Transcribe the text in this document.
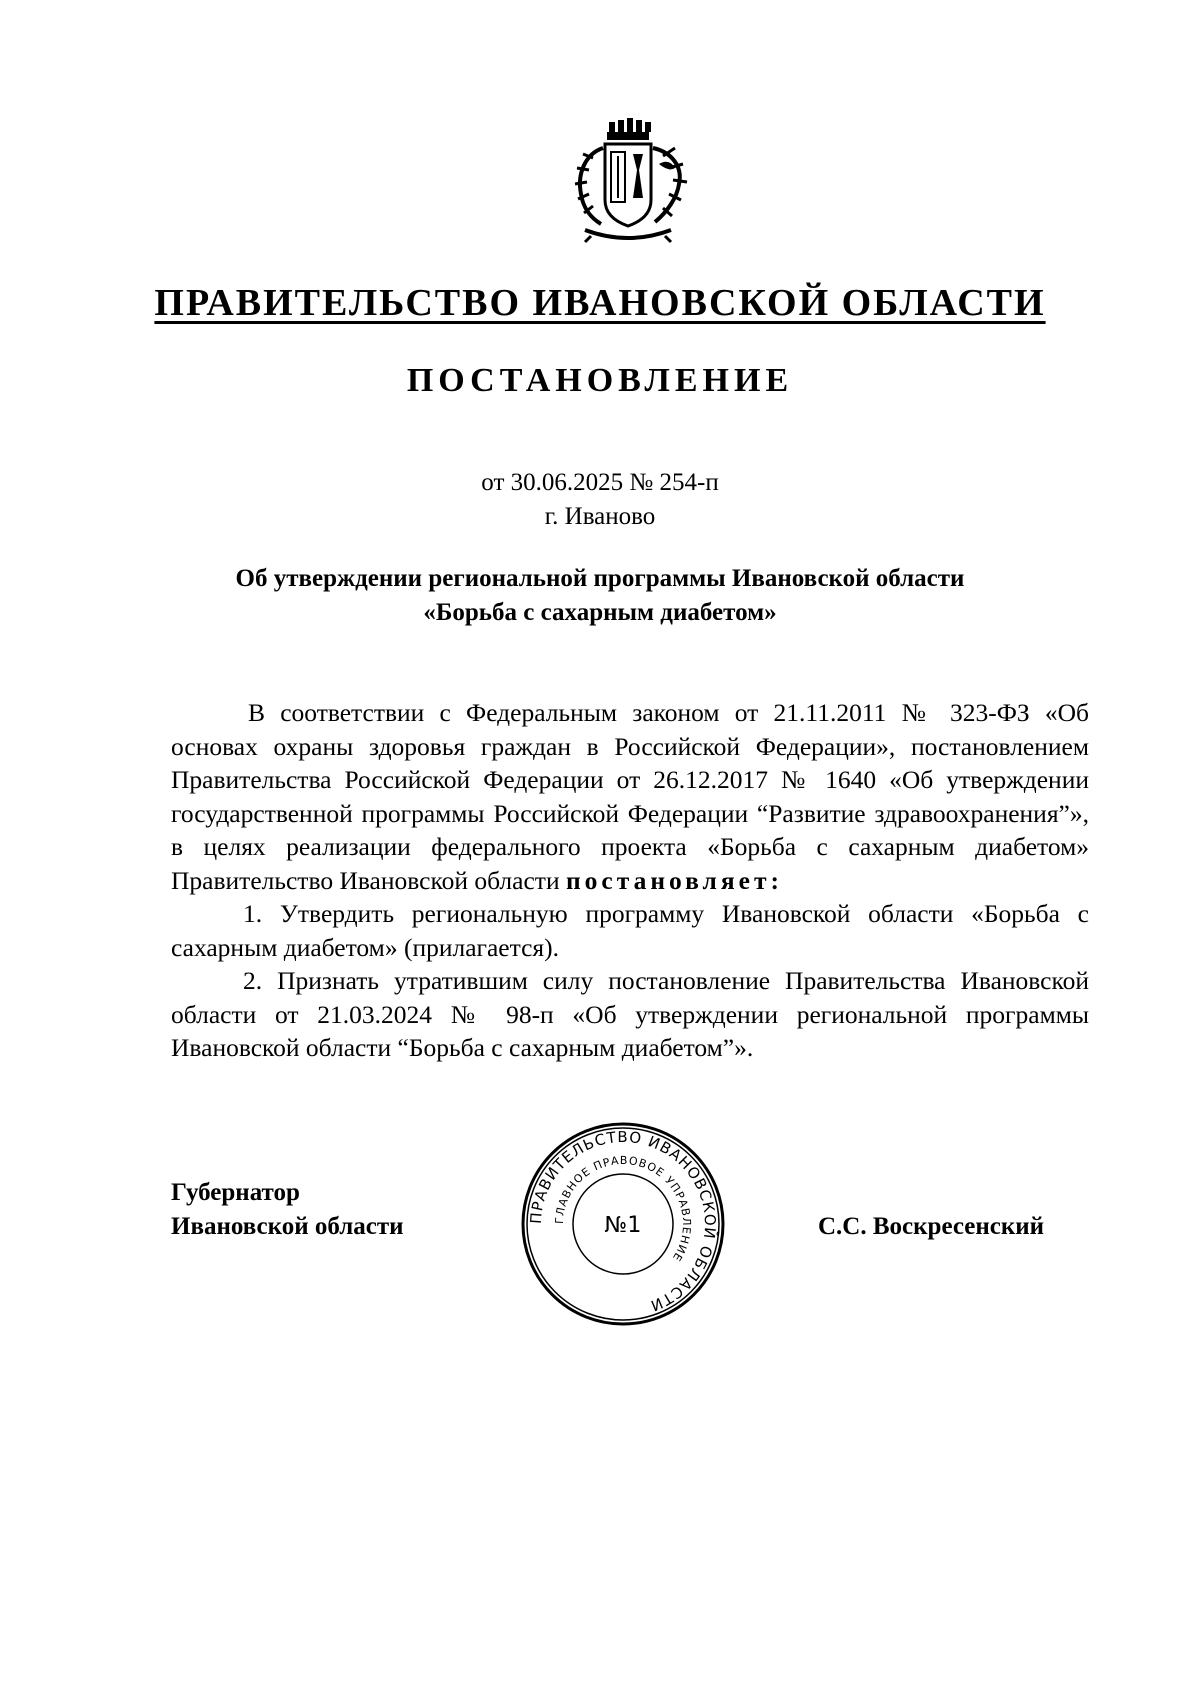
ПРАВИТЕЛЬСТВО ИВАНОВСКОЙ ОБЛАСТИ
ПОСТАНОВЛЕНИЕ
от 30.06.2025 № 254-п
г. Иваново
Об утверждении региональной программы Ивановской области
«Борьба с сахарным диабетом»

В соответствии с Федеральным законом от 21.11.2011 № 323-ФЗ «Об основах охраны здоровья граждан в Российской Федерации», постановлением Правительства Российской Федерации от 26.12.2017 № 1640 «Об утверждении государственной программы Российской Федерации “Развитие здравоохранения”», в целях реализации федерального проекта «Борьба с сахарным диабетом» Правительство Ивановской области постановляет:

1. Утвердить региональную программу Ивановской области «Борьба с сахарным диабетом» (прилагается).

2. Признать утратившим силу постановление Правительства Ивановской области от 21.03.2024 № 98-п «Об утверждении региональной программы Ивановской области “Борьба с сахарным диабетом”».

Губернатор
Ивановской области	ПРАВИТЕЛЬСТВО ИВАНОВСКОЙ ОБЛАСТИ
ГЛАВНОЕ ПРАВОВОЕ УПРАВЛЕНИЕ
№1	С.С. Воскресенский
